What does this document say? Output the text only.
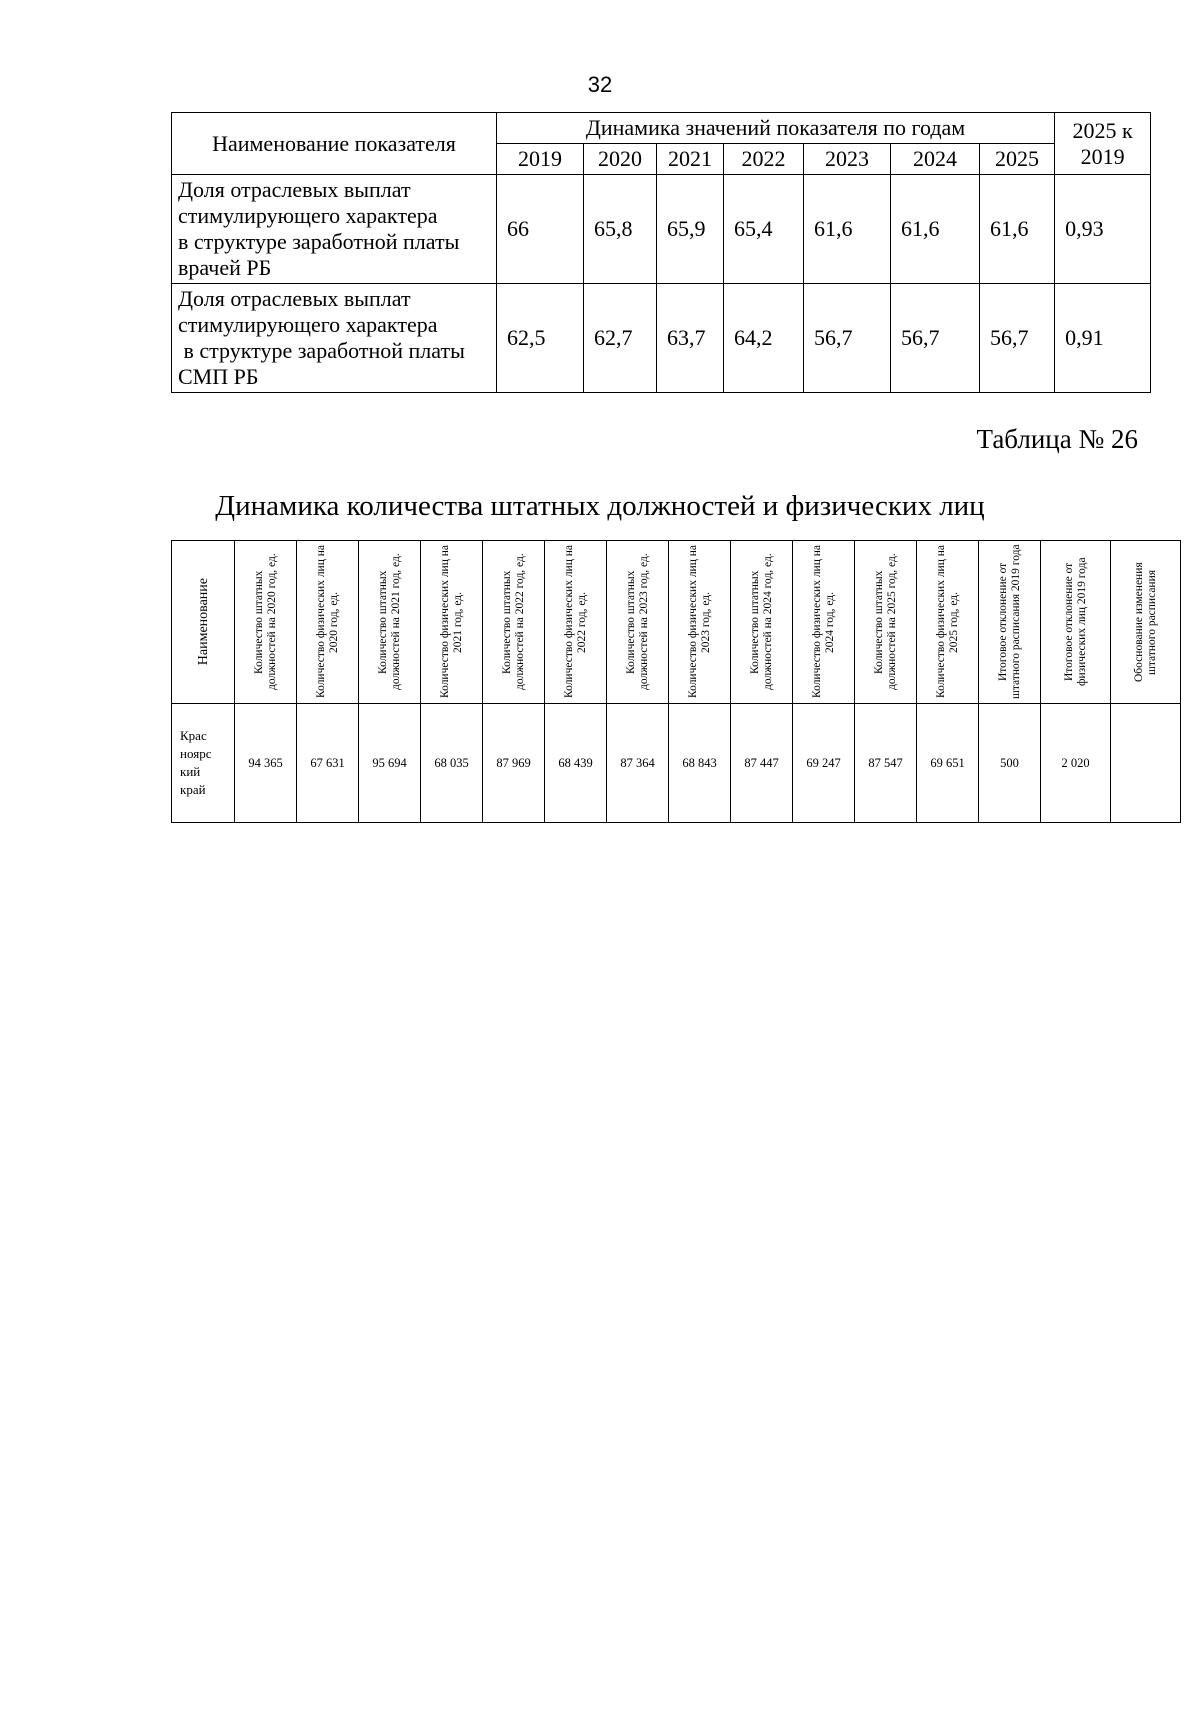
32
Наименование показателя	Динамика значений показателя по годам							2025 к 2019
	2019	2020	2021	2022	2023	2024	2025	

Доля отраслевых выплат
стимулирующего характера
в структуре заработной платы
врачей РБ	66	65,8	65,9	65,4	61,6	61,6	61,6	0,93

Доля отраслевых выплат
стимулирующего характера
в структуре заработной платы
СМП РБ	62,5	62,7	63,7	64,2	56,7	56,7	56,7	0,91
Таблица № 26
Динамика количества штатных должностей и физических лиц
Наименование	Количество штатных должностей на 2020 год, ед.	Количество физических лиц на 2020 год, ед.	Количество штатных должностей на 2021 год, ед.	Количество физических лиц на 2021 год, ед.	Количество штатных должностей на 2022 год, ед.	Количество физических лиц на 2022 год, ед.	Количество штатных должностей на 2023 год, ед.	Количество физических лиц на 2023 год, ед.	Количество штатных должностей на 2024 год, ед.	Количество физических лиц на 2024 год, ед.	Количество штатных должностей на 2025 год, ед.	Количество физических лиц на 2025 год, ед.	Итоговое отклонение от штатного расписания 2019 года	Итоговое отклонение от физических лиц 2019 года	Обоснование изменения штатного расписания

Крас
ноярс
кий
край	94 365	67 631	95 694	68 035	87 969	68 439	87 364	68 843	87 447	69 247	87 547	69 651	500	2 020	
